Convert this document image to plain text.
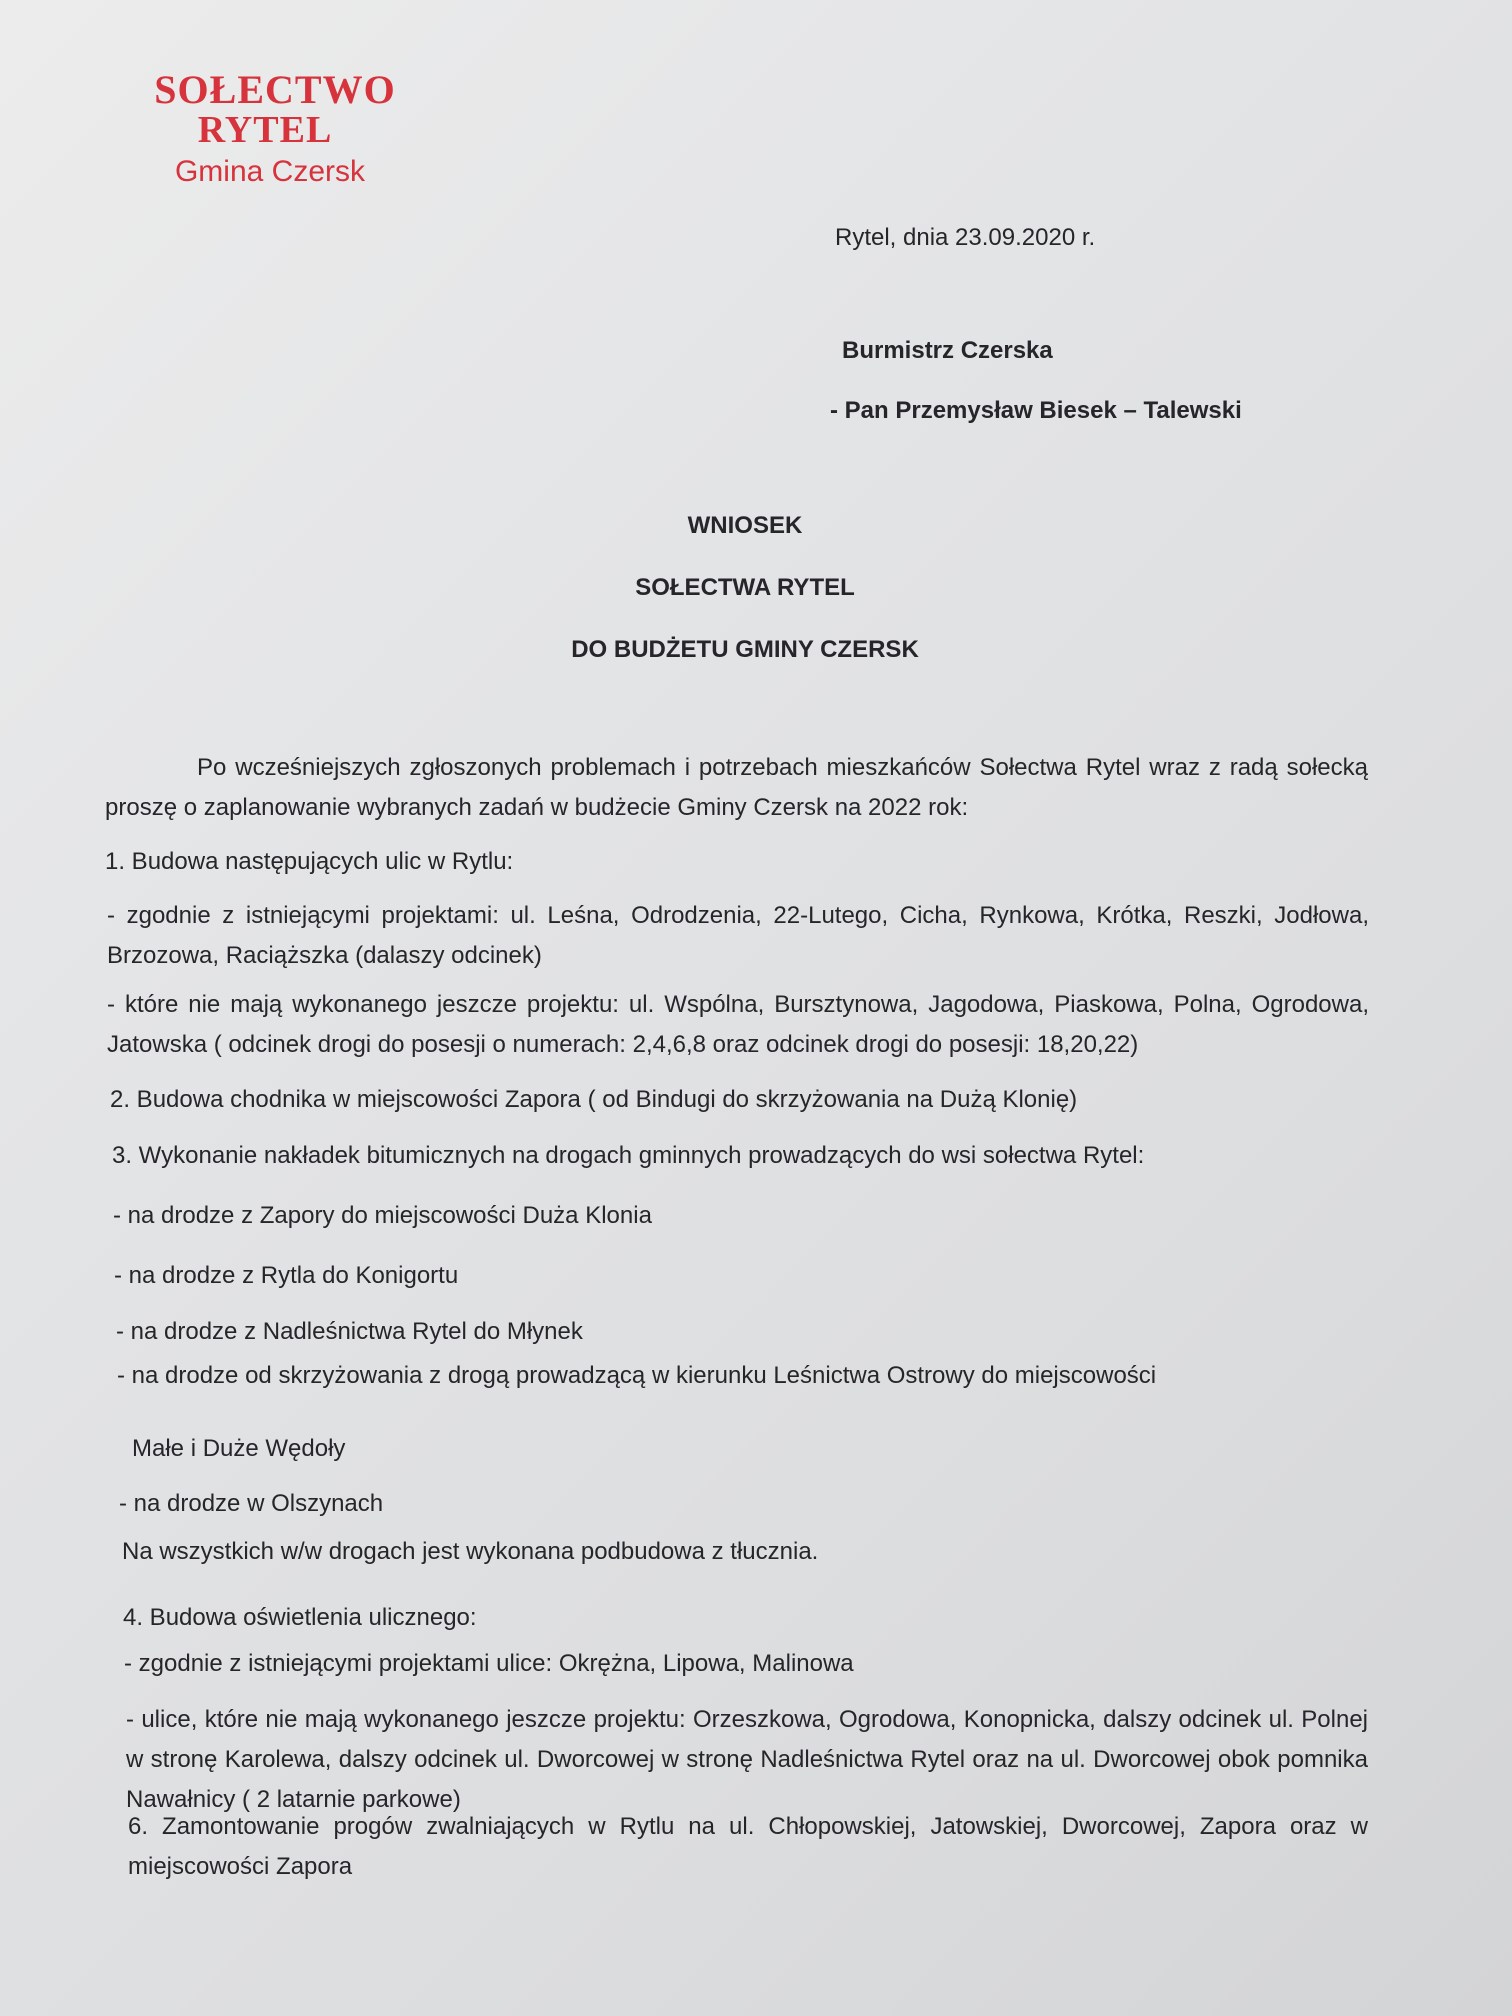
SOŁECTWO
RYTEL
Gmina Czersk
Rytel, dnia 23.09.2020 r.
Burmistrz Czerska
- Pan Przemysław Biesek – Talewski
WNIOSEK
SOŁECTWA RYTEL
DO BUDŻETU GMINY CZERSK
Po wcześniejszych zgłoszonych problemach i potrzebach mieszkańców Sołectwa Rytel wraz z radą sołecką proszę o zaplanowanie wybranych zadań w budżecie Gminy Czersk na 2022 rok:
1. Budowa następujących ulic w Rytlu:
- zgodnie z istniejącymi projektami: ul. Leśna, Odrodzenia, 22-Lutego, Cicha, Rynkowa, Krótka, Reszki, Jodłowa, Brzozowa, Raciąższka (dalaszy odcinek)
- które nie mają wykonanego jeszcze projektu: ul. Wspólna, Bursztynowa, Jagodowa, Piaskowa, Polna, Ogrodowa, Jatowska ( odcinek drogi do posesji o numerach: 2,4,6,8 oraz odcinek drogi do posesji: 18,20,22)
2. Budowa chodnika w miejscowości Zapora ( od Bindugi do skrzyżowania na Dużą Klonię)
3. Wykonanie nakładek bitumicznych na drogach gminnych prowadzących do wsi sołectwa Rytel:
- na drodze z Zapory do miejscowości Duża Klonia
- na drodze z Rytla do Konigortu
- na drodze z Nadleśnictwa Rytel do Młynek
- na drodze od skrzyżowania z drogą prowadzącą w kierunku Leśnictwa Ostrowy do miejscowości
Małe i Duże Wędoły
- na drodze w Olszynach
Na wszystkich w/w drogach jest wykonana podbudowa z tłucznia.
4. Budowa oświetlenia ulicznego:
- zgodnie z istniejącymi projektami ulice: Okrężna, Lipowa, Malinowa
- ulice, które nie mają wykonanego jeszcze projektu: Orzeszkowa, Ogrodowa, Konopnicka, dalszy odcinek ul. Polnej w stronę Karolewa, dalszy odcinek ul. Dworcowej w stronę Nadleśnictwa Rytel oraz na ul. Dworcowej obok pomnika Nawałnicy ( 2 latarnie parkowe)
6. Zamontowanie progów zwalniających w Rytlu na ul. Chłopowskiej, Jatowskiej, Dworcowej, Zapora oraz w miejscowości Zapora
